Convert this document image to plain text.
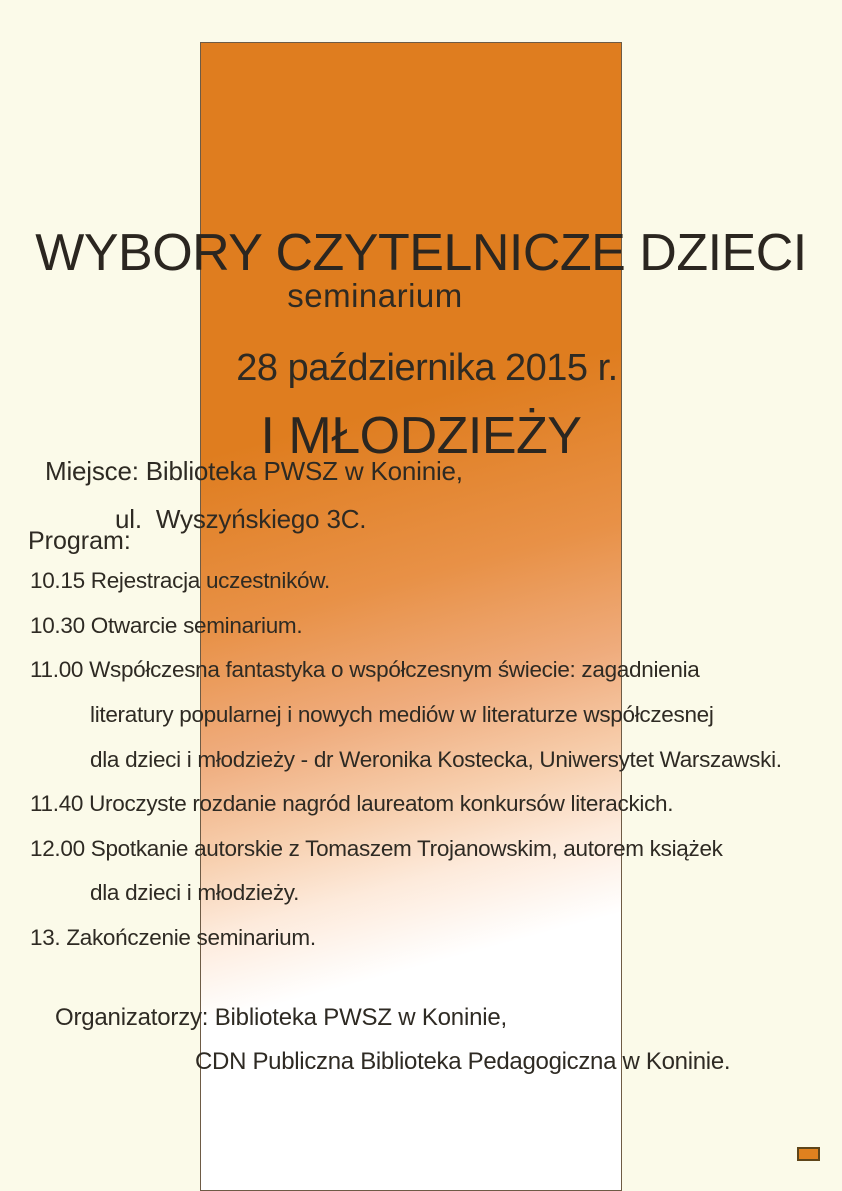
WYBORY CZYTELNICZE DZIECI

I MŁODZIEŻY

seminarium
28 października 2015 r.
Miejsce: Biblioteka PWSZ w Koninie,
ul.  Wyszyńskiego 3C.
Program:
10.15 Rejestracja uczestników.
10.30 Otwarcie seminarium.
11.00 Współczesna fantastyka o współczesnym świecie: zagadnienia
literatury popularnej i nowych mediów w literaturze współczesnej
dla dzieci i młodzieży - dr Weronika Kostecka, Uniwersytet Warszawski.
11.40 Uroczyste rozdanie nagród laureatom konkursów literackich.
12.00 Spotkanie autorskie z Tomaszem Trojanowskim, autorem książek
dla dzieci i młodzieży.
13. Zakończenie seminarium.
Organizatorzy: Biblioteka PWSZ w Koninie,
CDN Publiczna Biblioteka Pedagogiczna w Koninie.
